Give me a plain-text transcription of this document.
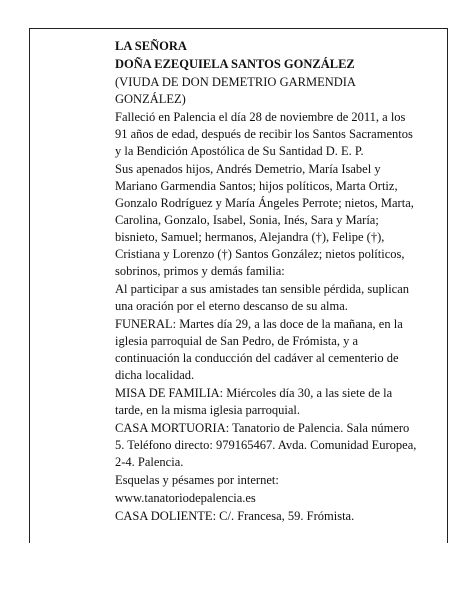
LA SEÑORA

DOÑA EZEQUIELA SANTOS GONZÁLEZ

(VIUDA DE DON DEMETRIO GARMENDIA GONZÁLEZ)

Falleció en Palencia el día 28 de noviembre de 2011, a los 91 años de edad, después de recibir los Santos Sacramentos y la Bendición Apostólica de Su Santidad D. E. P.

Sus apenados hijos, Andrés Demetrio, María Isabel y Mariano Garmendia Santos; hijos políticos, Marta Ortiz, Gonzalo Rodríguez y María Ángeles Perrote; nietos, Marta, Carolina, Gonzalo, Isabel, Sonia, Inés, Sara y María; bisnieto, Samuel; hermanos, Alejandra (†), Felipe (†), Cristiana y Lorenzo (†) Santos González; nietos políticos, sobrinos, primos y demás familia:

Al participar a sus amistades tan sensible pérdida, suplican una oración por el eterno descanso de su alma.

FUNERAL: Martes día 29, a las doce de la mañana, en la iglesia parroquial de San Pedro, de Frómista, y a continuación la conducción del cadáver al cementerio de dicha localidad.

MISA DE FAMILIA: Miércoles día 30, a las siete de la tarde, en la misma iglesia parroquial.

CASA MORTUORIA: Tanatorio de Palencia. Sala número 5. Teléfono directo: 979165467. Avda. Comunidad Europea, 2-4. Palencia.

Esquelas y pésames por internet:

www.tanatoriodepalencia.es

CASA DOLIENTE: C/. Francesa, 59. Frómista.
